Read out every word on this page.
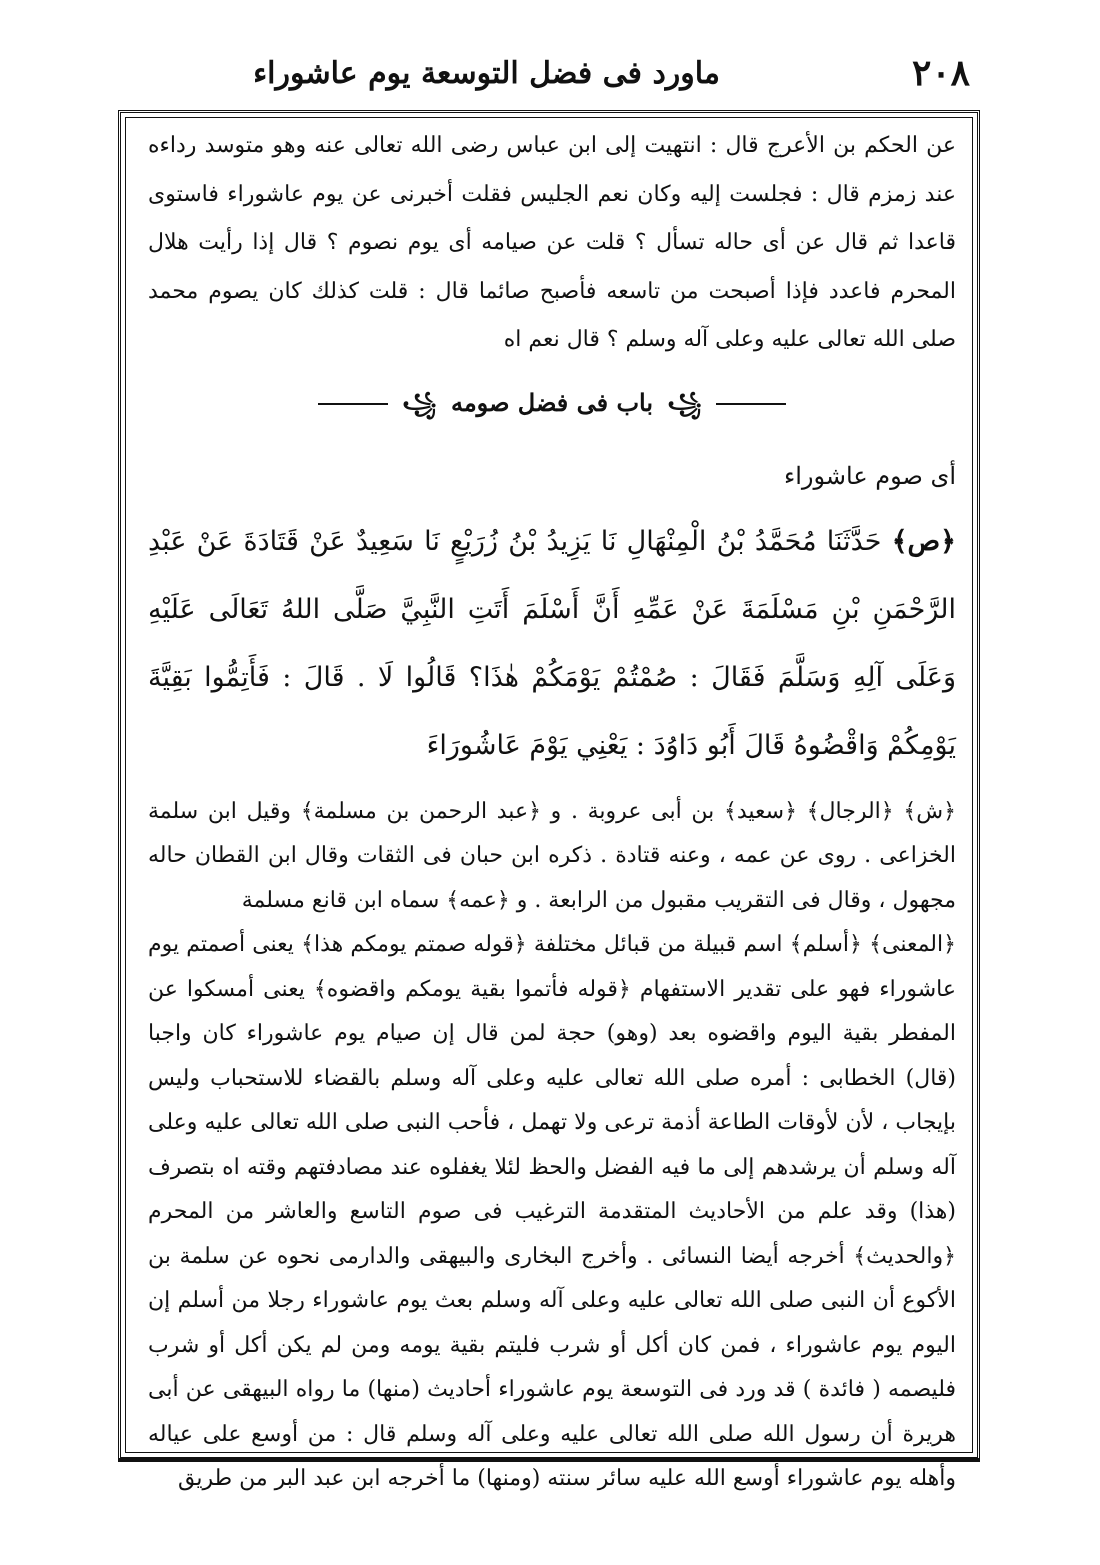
٢٠٨
ماورد فى فضل التوسعة يوم عاشوراء

عن الحكم بن الأعرج قال : انتهيت إلى ابن عباس رضى الله تعالى عنه وهو متوسد رداءه عند زمزم قال : فجلست إليه وكان نعم الجليس فقلت أخبرنى عن يوم عاشوراء فاستوى قاعدا ثم قال عن أى حاله تسأل ؟ قلت عن صيامه أى يوم نصوم ؟ قال إذا رأيت هلال المحرم فاعدد فإذا أصبحت من تاسعه فأصبح صائما قال : قلت كذلك كان يصوم محمد صلى الله تعالى عليه وعلى آله وسلم ؟ قال نعم اه

꧁ باب فى فضل صومه ꧁

أى صوم عاشوراء

﴿ص﴾ حَدَّثَنَا مُحَمَّدُ بْنُ الْمِنْهَالِ نَا يَزِيدُ بْنُ زُرَيْعٍ نَا سَعِيدٌ عَنْ قَتَادَةَ عَنْ عَبْدِ الرَّحْمَنِ بْنِ مَسْلَمَةَ عَنْ عَمِّهِ أَنَّ أَسْلَمَ أَتَتِ النَّبِيَّ صَلَّى اللهُ تَعَالَى عَلَيْهِ وَعَلَى آلِهِ وَسَلَّمَ فَقَالَ : صُمْتُمْ يَوْمَكُمْ هٰذَا؟ قَالُوا لَا . قَالَ : فَأَتِمُّوا بَقِيَّةَ يَوْمِكُمْ وَاقْضُوهُ قَالَ أَبُو دَاوُدَ : يَعْنِي يَوْمَ عَاشُورَاءَ

﴿ش﴾ ﴿الرجال﴾ ﴿سعيد﴾ بن أبى عروبة . و ﴿عبد الرحمن بن مسلمة﴾ وقيل ابن سلمة الخزاعى . روى عن عمه ، وعنه قتادة . ذكره ابن حبان فى الثقات وقال ابن القطان حاله مجهول ، وقال فى التقريب مقبول من الرابعة . و ﴿عمه﴾ سماه ابن قانع مسلمة

﴿المعنى﴾ ﴿أسلم﴾ اسم قبيلة من قبائل مختلفة ﴿قوله صمتم يومكم هذا﴾ يعنى أصمتم يوم عاشوراء فهو على تقدير الاستفهام ﴿قوله فأتموا بقية يومكم واقضوه﴾ يعنى أمسكوا عن المفطر بقية اليوم واقضوه بعد (وهو) حجة لمن قال إن صيام يوم عاشوراء كان واجبا (قال) الخطابى : أمره صلى الله تعالى عليه وعلى آله وسلم بالقضاء للاستحباب وليس بإيجاب ، لأن لأوقات الطاعة أذمة ترعى ولا تهمل ، فأحب النبى صلى الله تعالى عليه وعلى آله وسلم أن يرشدهم إلى ما فيه الفضل والحظ لئلا يغفلوه عند مصادفتهم وقته اه بتصرف (هذا) وقد علم من الأحاديث المتقدمة الترغيب فى صوم التاسع والعاشر من المحرم ﴿والحديث﴾ أخرجه أيضا النسائى . وأخرج البخارى والبيهقى والدارمى نحوه عن سلمة بن الأكوع أن النبى صلى الله تعالى عليه وعلى آله وسلم بعث يوم عاشوراء رجلا من أسلم إن اليوم يوم عاشوراء ، فمن كان أكل أو شرب فليتم بقية يومه ومن لم يكن أكل أو شرب فليصمه ( فائدة ) قد ورد فى التوسعة يوم عاشوراء أحاديث (منها) ما رواه البيهقى عن أبى هريرة أن رسول الله صلى الله تعالى عليه وعلى آله وسلم قال : من أوسع على عياله وأهله يوم عاشوراء أوسع الله عليه سائر سنته (ومنها) ما أخرجه ابن عبد البر من طريق
